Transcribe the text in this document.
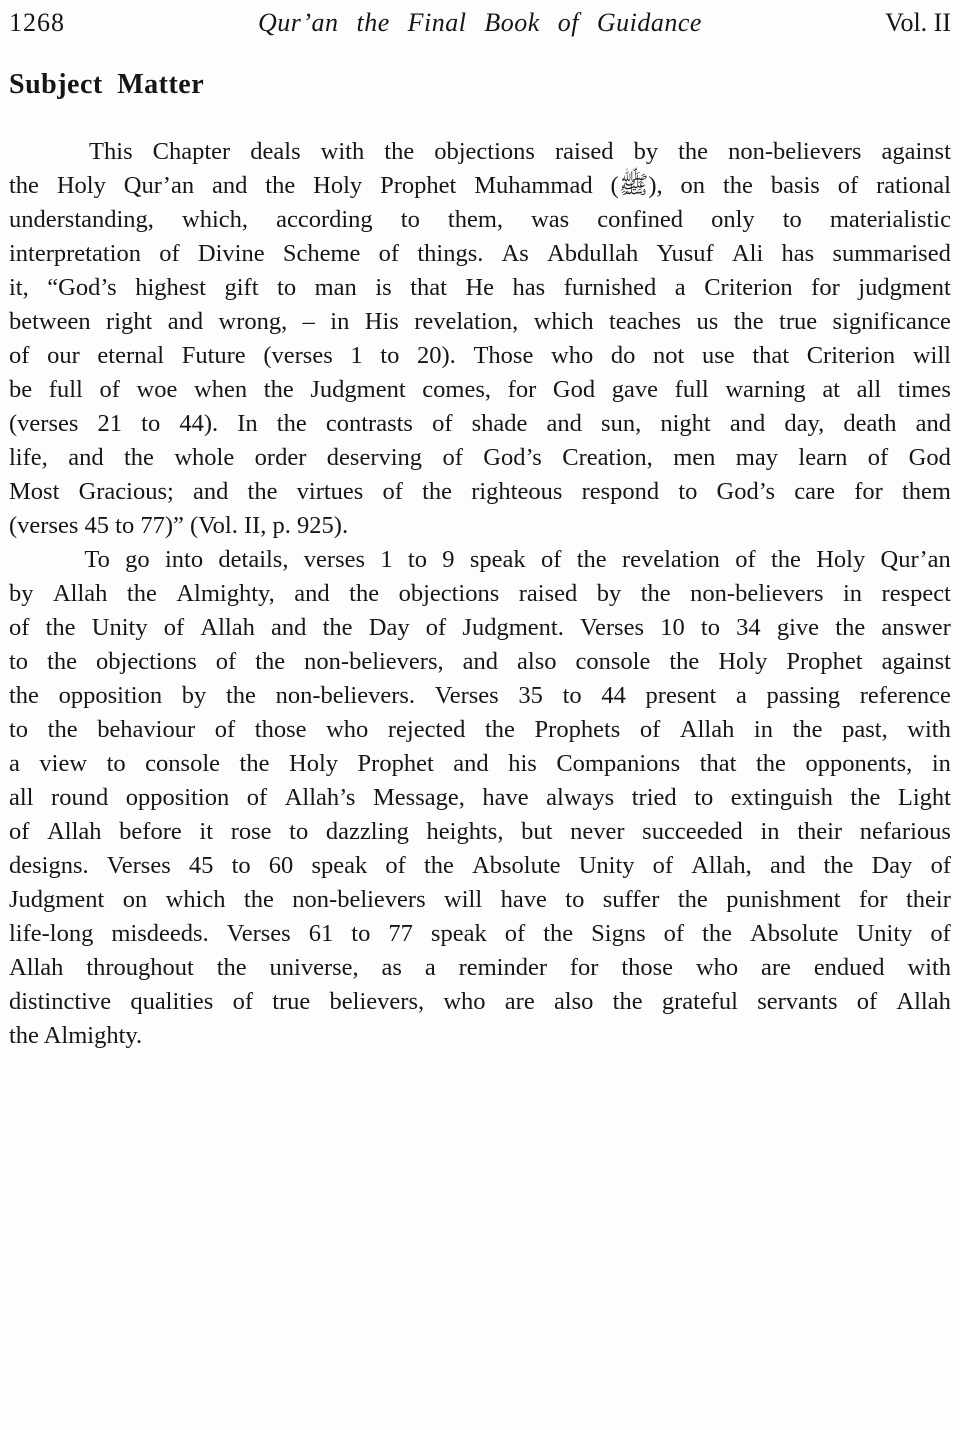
1268	Qur’an the Final Book of Guidance	Vol. II
Subject Matter
This Chapter deals with the objections raised by the non-believers against
the Holy Qur’an and the Holy Prophet Muhammad (ﷺ), on the basis of rational
understanding, which, according to them, was confined only to materialistic
interpretation of Divine Scheme of things. As Abdullah Yusuf Ali has summarised
it, “God’s highest gift to man is that He has furnished a Criterion for judgment
between right and wrong, – in His revelation, which teaches us the true significance
of our eternal Future (verses 1 to 20). Those who do not use that Criterion will
be full of woe when the Judgment comes, for God gave full warning at all times
(verses 21 to 44). In the contrasts of shade and sun, night and day, death and
life, and the whole order deserving of God’s Creation, men may learn of God
Most Gracious; and the virtues of the righteous respond to God’s care for them
(verses 45 to 77)” (Vol. II, p. 925).
To go into details, verses 1 to 9 speak of the revelation of the Holy Qur’an
by Allah the Almighty, and the objections raised by the non-believers in respect
of the Unity of Allah and the Day of Judgment. Verses 10 to 34 give the answer
to the objections of the non-believers, and also console the Holy Prophet against
the opposition by the non-believers. Verses 35 to 44 present a passing reference
to the behaviour of those who rejected the Prophets of Allah in the past, with
a view to console the Holy Prophet and his Companions that the opponents, in
all round opposition of Allah’s Message, have always tried to extinguish the Light
of Allah before it rose to dazzling heights, but never succeeded in their nefarious
designs. Verses 45 to 60 speak of the Absolute Unity of Allah, and the Day of
Judgment on which the non-believers will have to suffer the punishment for their
life-long misdeeds. Verses 61 to 77 speak of the Signs of the Absolute Unity of
Allah throughout the universe, as a reminder for those who are endued with
distinctive qualities of true believers, who are also the grateful servants of Allah
the Almighty.
